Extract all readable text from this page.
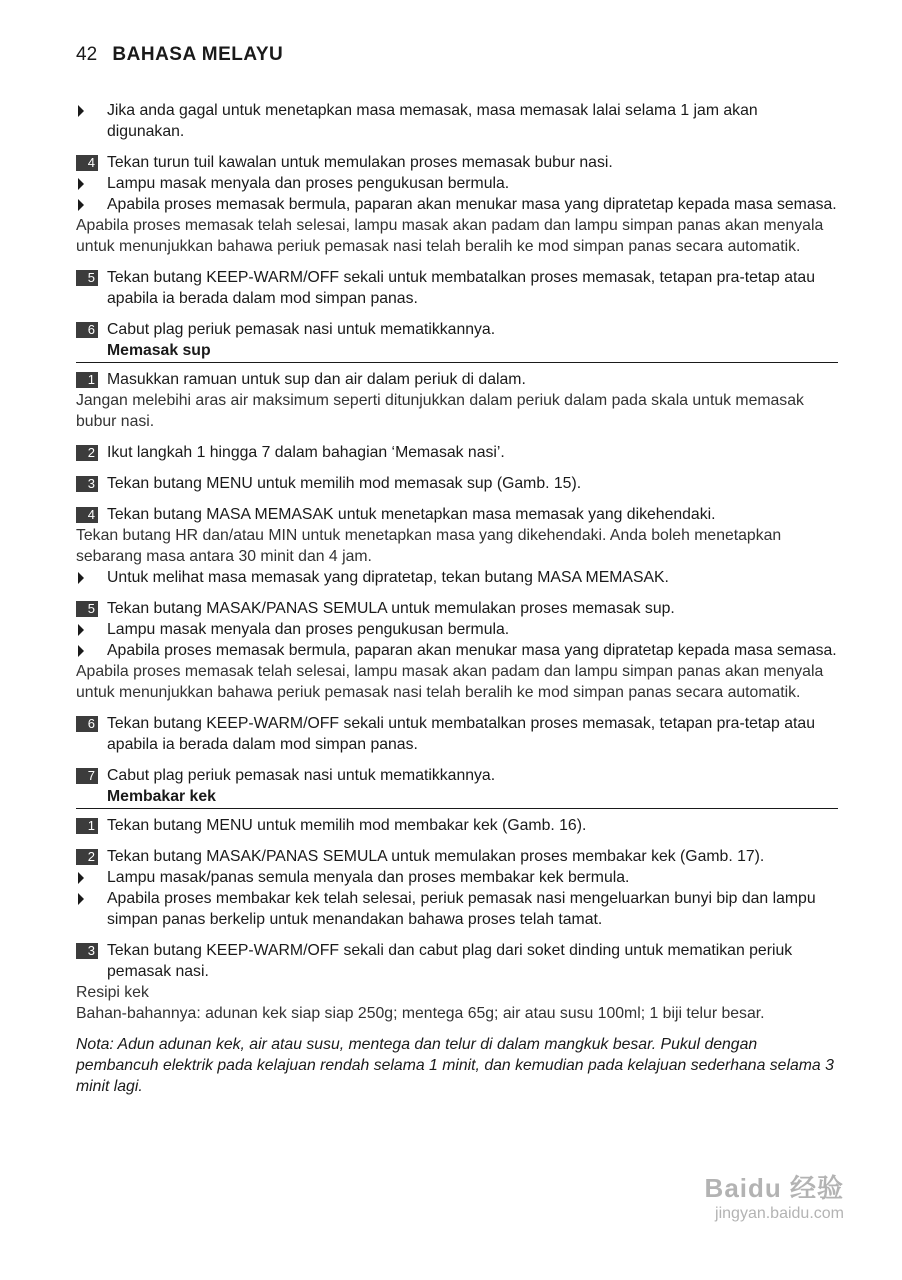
42 BAHASA MELAYU
Jika anda gagal untuk menetapkan masa memasak, masa memasak lalai selama 1 jam akan digunakan.
4 Tekan turun tuil kawalan untuk memulakan proses memasak bubur nasi.
Lampu masak menyala dan proses pengukusan bermula.
Apabila proses memasak bermula, paparan akan menukar masa yang dipratetap kepada masa semasa.
Apabila proses memasak telah selesai, lampu masak akan padam dan lampu simpan panas akan menyala untuk menunjukkan bahawa periuk pemasak nasi telah beralih ke mod simpan panas secara automatik.
5 Tekan butang KEEP-WARM/OFF sekali untuk membatalkan proses memasak, tetapan pra-tetap atau apabila ia berada dalam mod simpan panas.
6 Cabut plag periuk pemasak nasi untuk mematikkannya.
Memasak sup
1 Masukkan ramuan untuk sup dan air dalam periuk di dalam.
Jangan melebihi aras air maksimum seperti ditunjukkan dalam periuk dalam pada skala untuk memasak bubur nasi.
2 Ikut langkah 1 hingga 7 dalam bahagian ‘Memasak nasi’.
3 Tekan butang MENU untuk memilih mod memasak sup (Gamb. 15).
4 Tekan butang MASA MEMASAK untuk menetapkan masa memasak yang dikehendaki.
Tekan butang HR dan/atau MIN untuk menetapkan masa yang dikehendaki. Anda boleh menetapkan sebarang masa antara 30 minit dan 4 jam.
Untuk melihat masa memasak yang dipratetap, tekan butang MASA MEMASAK.
5 Tekan butang MASAK/PANAS SEMULA untuk memulakan proses memasak sup.
Lampu masak menyala dan proses pengukusan bermula.
Apabila proses memasak bermula, paparan akan menukar masa yang dipratetap kepada masa semasa.
Apabila proses memasak telah selesai, lampu masak akan padam dan lampu simpan panas akan menyala untuk menunjukkan bahawa periuk pemasak nasi telah beralih ke mod simpan panas secara automatik.
6 Tekan butang KEEP-WARM/OFF sekali untuk membatalkan proses memasak, tetapan pra-tetap atau apabila ia berada dalam mod simpan panas.
7 Cabut plag periuk pemasak nasi untuk mematikkannya.
Membakar kek
1 Tekan butang MENU untuk memilih mod membakar kek (Gamb. 16).
2 Tekan butang MASAK/PANAS SEMULA untuk memulakan proses membakar kek (Gamb. 17).
Lampu masak/panas semula menyala dan proses membakar kek bermula.
Apabila proses membakar kek telah selesai, periuk pemasak nasi mengeluarkan bunyi bip dan lampu simpan panas berkelip untuk menandakan bahawa proses telah tamat.
3 Tekan butang KEEP-WARM/OFF sekali dan cabut plag dari soket dinding untuk mematikan periuk pemasak nasi.
Resipi kek
Bahan-bahannya: adunan kek siap siap 250g; mentega 65g; air atau susu 100ml; 1 biji telur besar.
Nota: Adun adunan kek, air atau susu, mentega dan telur di dalam mangkuk besar. Pukul dengan pembancuh elektrik pada kelajuan rendah selama 1 minit, dan kemudian pada kelajuan sederhana selama 3 minit lagi.
Baidu 经验
jingyan.baidu.com
